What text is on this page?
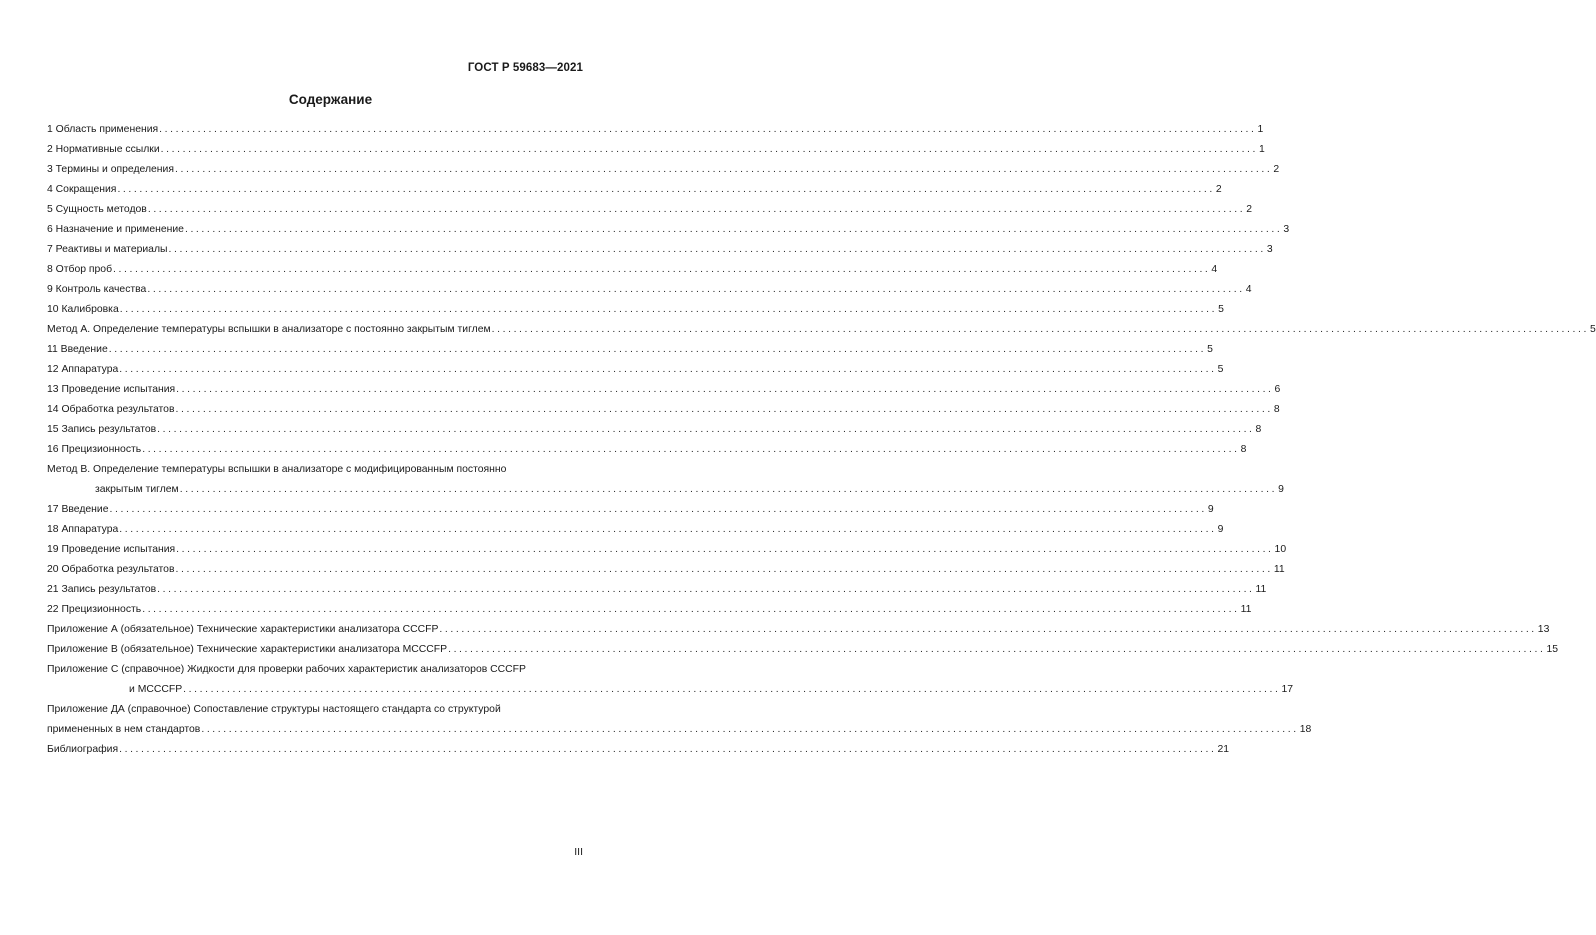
ГОСТ Р 59683—2021
Содержание
1 Область применения ........................................................................................................................................................................................................ 1
2 Нормативные ссылки ........................................................................................................................................................................................................ 1
3 Термины и определения ........................................................................................................................................................................................................ 2
4 Сокращения ........................................................................................................................................................................................................ 2
5 Сущность методов ........................................................................................................................................................................................................ 2
6 Назначение и применение ........................................................................................................................................................................................................ 3
7 Реактивы и материалы ........................................................................................................................................................................................................ 3
8 Отбор проб ........................................................................................................................................................................................................ 4
9 Контроль качества ........................................................................................................................................................................................................ 4
10 Калибровка ........................................................................................................................................................................................................ 5
Метод А. Определение температуры вспышки в анализаторе с постоянно закрытым тиглем ........................................................................................................................................................................................................ 5
11 Введение ........................................................................................................................................................................................................ 5
12 Аппаратура ........................................................................................................................................................................................................ 5
13 Проведение испытания ........................................................................................................................................................................................................ 6
14 Обработка результатов ........................................................................................................................................................................................................ 8
15 Запись результатов ........................................................................................................................................................................................................ 8
16 Прецизионность ........................................................................................................................................................................................................ 8
Метод В. Определение температуры вспышки в анализаторе с модифицированным постоянно
закрытым тиглем ........................................................................................................................................................................................................ 9
17 Введение ........................................................................................................................................................................................................ 9
18 Аппаратура ........................................................................................................................................................................................................ 9
19 Проведение испытания ........................................................................................................................................................................................................ 10
20 Обработка результатов ........................................................................................................................................................................................................ 11
21 Запись результатов ........................................................................................................................................................................................................ 11
22 Прецизионность ........................................................................................................................................................................................................ 11
Приложение А (обязательное) Технические характеристики анализатора CCCFP ........................................................................................................................................................................................................ 13
Приложение В (обязательное) Технические характеристики анализатора MCCCFP ........................................................................................................................................................................................................ 15
Приложение С (справочное) Жидкости для проверки рабочих характеристик анализаторов CCCFP
и MCCCFP ........................................................................................................................................................................................................ 17
Приложение ДА (справочное) Сопоставление структуры настоящего стандарта со структурой
примененных в нем стандартов ........................................................................................................................................................................................................ 18
Библиография ........................................................................................................................................................................................................ 21
III
